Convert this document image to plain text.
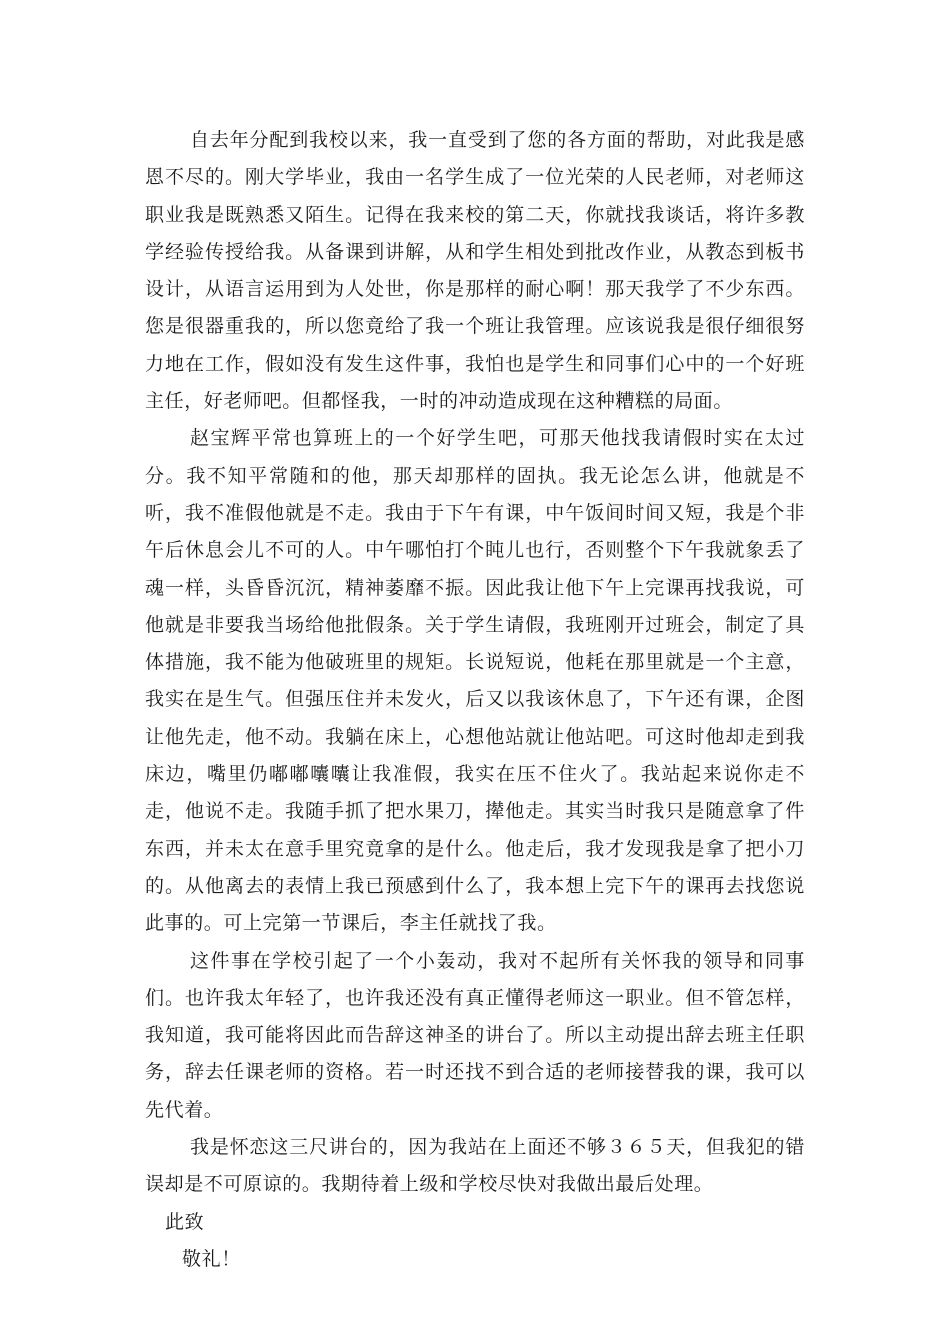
自去年分配到我校以来，我一直受到了您的各方面的帮助，对此我是感恩不尽的。刚大学毕业，我由一名学生成了一位光荣的人民老师，对老师这职业我是既熟悉又陌生。记得在我来校的第二天，你就找我谈话，将许多教学经验传授给我。从备课到讲解，从和学生相处到批改作业，从教态到板书设计，从语言运用到为人处世，你是那样的耐心啊！那天我学了不少东西。您是很器重我的，所以您竟给了我一个班让我管理。应该说我是很仔细很努力地在工作，假如没有发生这件事，我怕也是学生和同事们心中的一个好班主任，好老师吧。但都怪我，一时的冲动造成现在这种糟糕的局面。

赵宝辉平常也算班上的一个好学生吧，可那天他找我请假时实在太过分。我不知平常随和的他，那天却那样的固执。我无论怎么讲，他就是不听，我不准假他就是不走。我由于下午有课，中午饭间时间又短，我是个非午后休息会儿不可的人。中午哪怕打个盹儿也行，否则整个下午我就象丢了魂一样，头昏昏沉沉，精神萎靡不振。因此我让他下午上完课再找我说，可他就是非要我当场给他批假条。关于学生请假，我班刚开过班会，制定了具体措施，我不能为他破班里的规矩。长说短说，他耗在那里就是一个主意，我实在是生气。但强压住并未发火，后又以我该休息了，下午还有课，企图让他先走，他不动。我躺在床上，心想他站就让他站吧。可这时他却走到我床边，嘴里仍嘟嘟囔囔让我准假，我实在压不住火了。我站起来说你走不走，他说不走。我随手抓了把水果刀，撵他走。其实当时我只是随意拿了件东西，并未太在意手里究竟拿的是什么。他走后，我才发现我是拿了把小刀的。从他离去的表情上我已预感到什么了，我本想上完下午的课再去找您说此事的。可上完第一节课后，李主任就找了我。

这件事在学校引起了一个小轰动，我对不起所有关怀我的领导和同事们。也许我太年轻了，也许我还没有真正懂得老师这一职业。但不管怎样，我知道，我可能将因此而告辞这神圣的讲台了。所以主动提出辞去班主任职务，辞去任课老师的资格。若一时还找不到合适的老师接替我的课，我可以先代着。

我是怀恋这三尺讲台的，因为我站在上面还不够３６５天，但我犯的错误却是不可原谅的。我期待着上级和学校尽快对我做出最后处理。

此致

敬礼！
